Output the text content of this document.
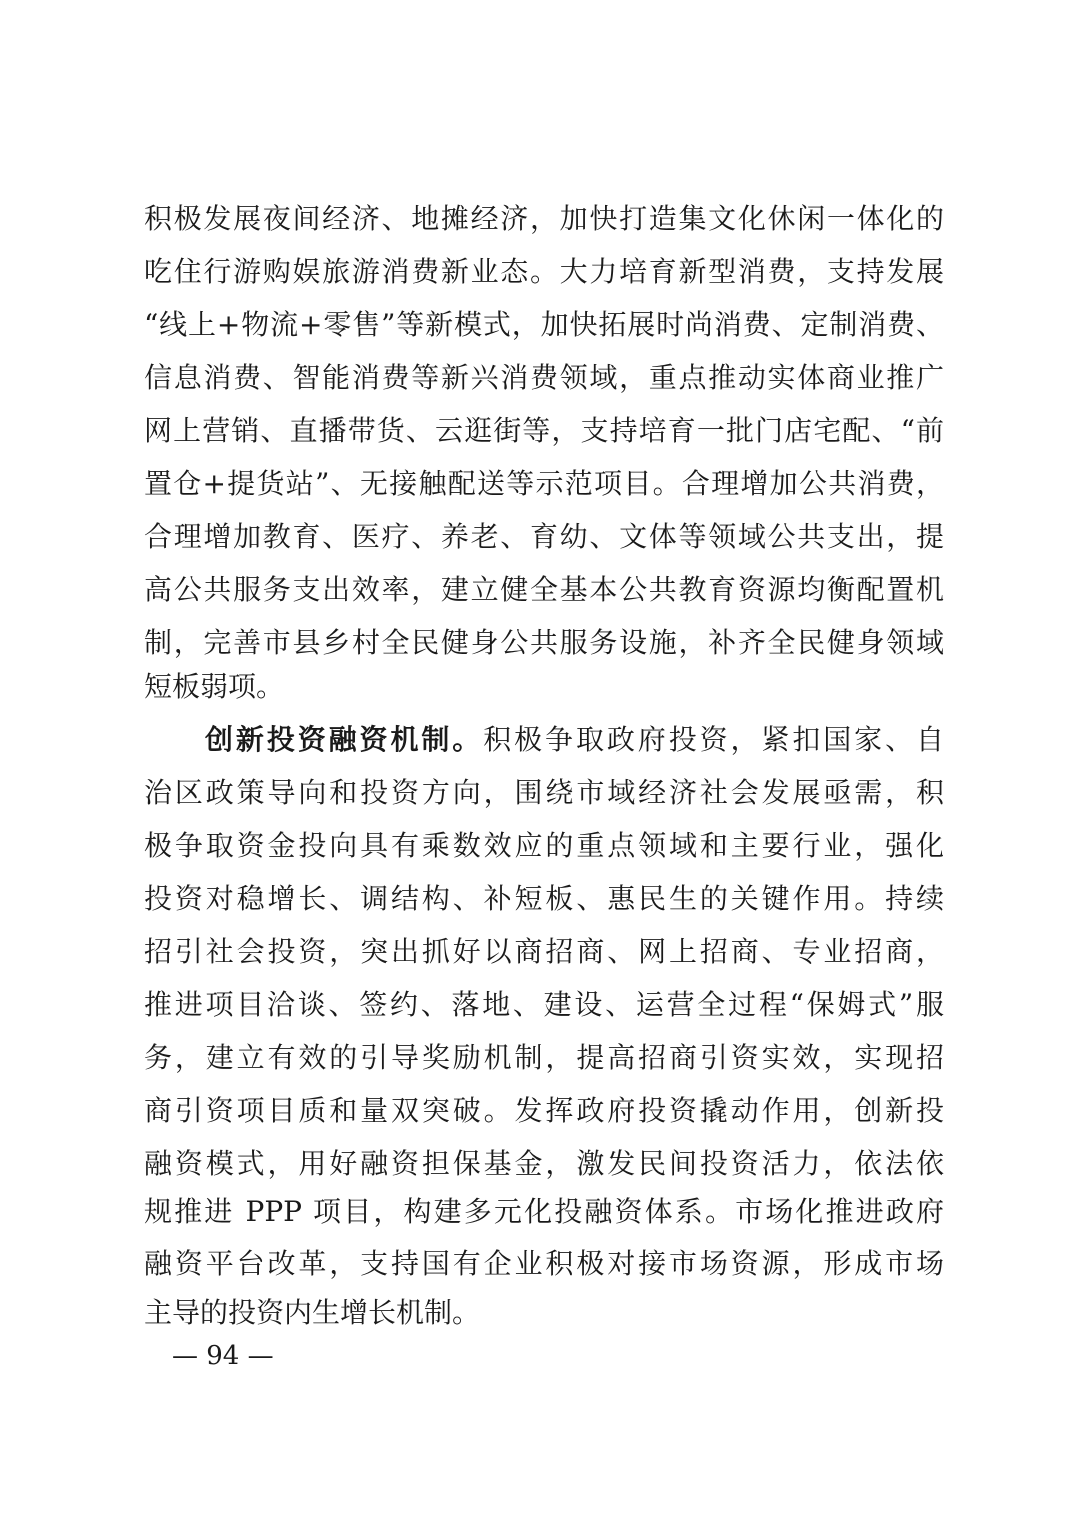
积极发展夜间经济、地摊经济，加快打造集文化休闲一体化的
吃住行游购娱旅游消费新业态。大力培育新型消费，支持发展
“线上+物流+零售”等新模式，加快拓展时尚消费、定制消费、
信息消费、智能消费等新兴消费领域，重点推动实体商业推广
网上营销、直播带货、云逛街等，支持培育一批门店宅配、“前
置仓+提货站”、无接触配送等示范项目。合理增加公共消费，
合理增加教育、医疗、养老、育幼、文体等领域公共支出，提
高公共服务支出效率，建立健全基本公共教育资源均衡配置机
制，完善市县乡村全民健身公共服务设施，补齐全民健身领域
短板弱项。
创新投资融资机制。积极争取政府投资，紧扣国家、自
治区政策导向和投资方向，围绕市域经济社会发展亟需，积
极争取资金投向具有乘数效应的重点领域和主要行业，强化
投资对稳增长、调结构、补短板、惠民生的关键作用。持续
招引社会投资，突出抓好以商招商、网上招商、专业招商，
推进项目洽谈、签约、落地、建设、运营全过程“保姆式”服
务，建立有效的引导奖励机制，提高招商引资实效，实现招
商引资项目质和量双突破。发挥政府投资撬动作用，创新投
融资模式，用好融资担保基金，激发民间投资活力，依法依
规推进 PPP 项目，构建多元化投融资体系。市场化推进政府
融资平台改革，支持国有企业积极对接市场资源，形成市场
主导的投资内生增长机制。
— 94 —
